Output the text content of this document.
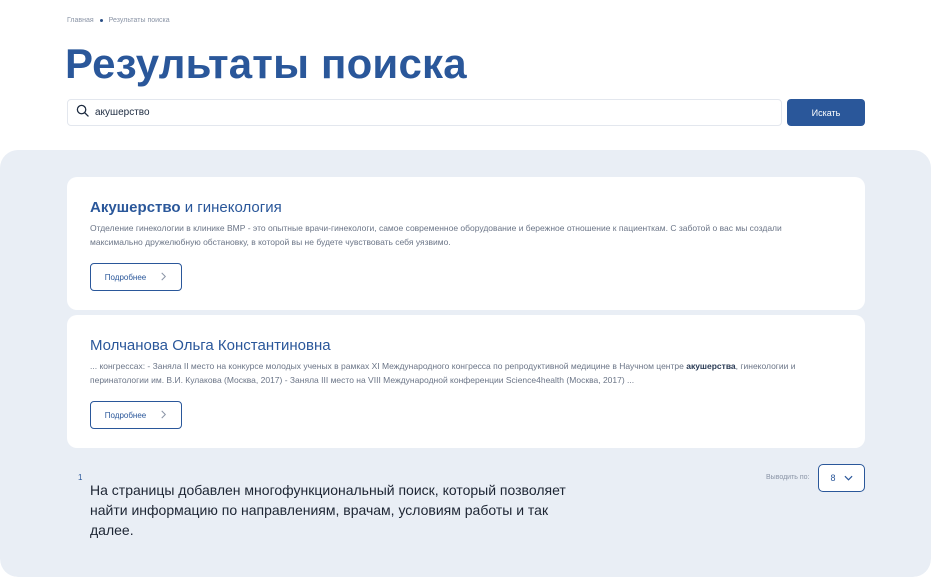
Главная Результаты поиска
Результаты поиска
акушерство
Искать
Акушерство и гинекология
Отделение гинекологии в клинике ВМР - это опытные врачи-гинекологи, самое современное оборудование и бережное отношение к пациенткам. С заботой о вас мы создали максимально дружелюбную обстановку, в которой вы не будете чувствовать себя уязвимо.
Подробнее
Молчанова Ольга Константиновна
... конгрессах: - Заняла II место на конкурсе молодых ученых в рамках XI Международного конгресса по репродуктивной медицине в Научном центре акушерства, гинекологии и перинатологии им. В.И. Кулакова (Москва, 2017) - Заняла III место на VIII Международной конференции Science4health (Москва, 2017) ...
Подробнее
1
На страницы добавлен многофункциональный поиск, который позволяет найти информацию по направлениям, врачам, условиям работы и так далее.
Выводить по: 8
